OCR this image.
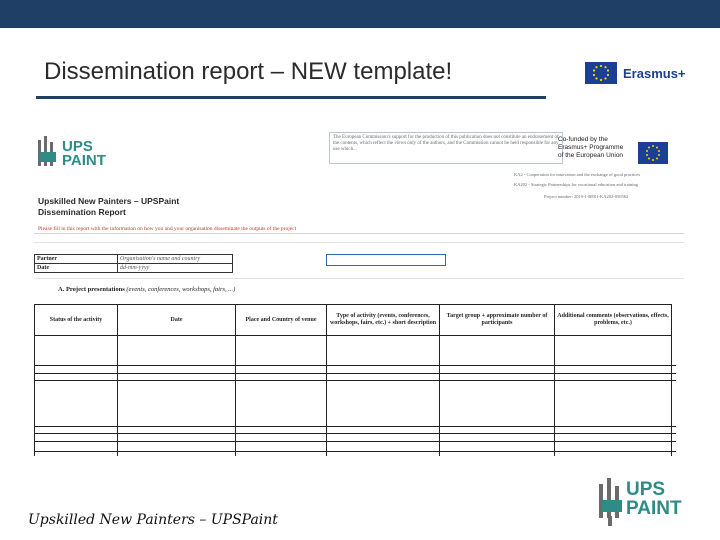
Dissemination report – NEW template!	Erasmus+
UPS
PAINT
The European Commission's support for the production of this publication does not constitute an endorsement of the contents, which reflect the views only of the authors, and the Commission cannot be held responsible for any use which...
Co-funded by the
Erasmus+ Programme
of the European Union
KA2 - Cooperation for innovation and the exchange of good practices
KA202 - Strategic Partnerships for vocational education and training
Project number: 2019-1-BE01-KA202-050562
Upskilled New Painters – UPSPaint
Dissemination Report
Please fill in this report with the information on how you and your organisation disseminate the outputs of the project
Partner	Organisation's name and country
Date	dd-mm-yyyy
A. Project presentations (events, conferences, workshops, fairs, ...)
Status of the activity	Date	Place and Country of venue	Type of activity (events, conferences, workshops, fairs, etc.) + short description	Target group + approximate number of participants	Additional comments (observations, effects, problems, etc.)

Upskilled New Painters – UPSPaint
UPS
PAINT
